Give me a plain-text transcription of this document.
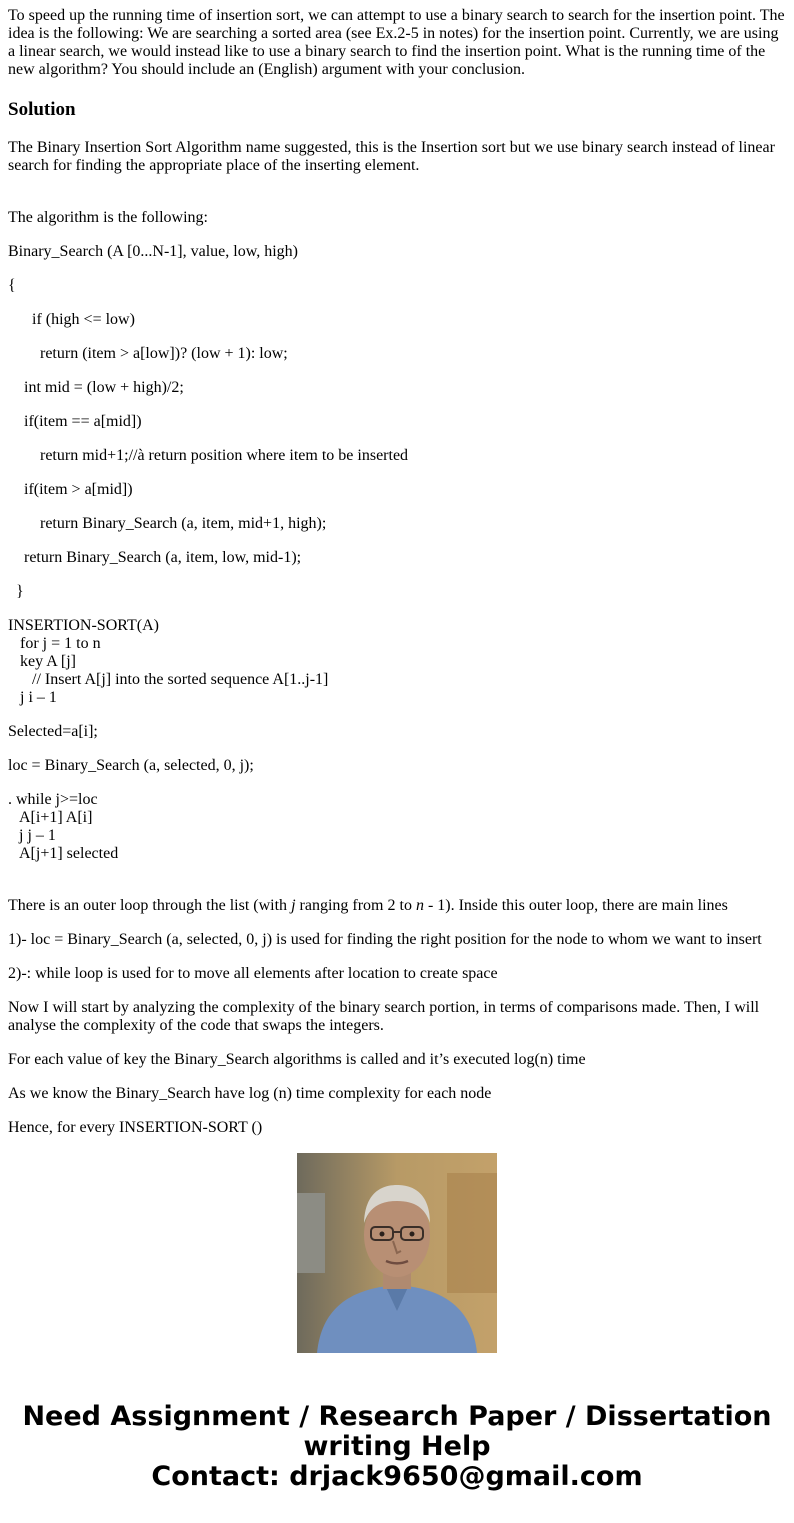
To speed up the running time of insertion sort, we can attempt to use a binary search to search for the insertion point. The idea is the following: We are searching a sorted area (see Ex.2-5 in notes) for the insertion point. Currently, we are using a linear search, we would instead like to use a binary search to find the insertion point. What is the running time of the new algorithm? You should include an (English) argument with your conclusion.

Solution

The Binary Insertion Sort Algorithm name suggested, this is the Insertion sort but we use binary search instead of linear search for finding the appropriate place of the inserting element.

The algorithm is the following:

Binary_Search (A [0...N-1], value, low, high)

{

if (high <= low)

return (item > a[low])? (low + 1): low;

int mid = (low + high)/2;

if(item == a[mid])

return mid+1;//à return position where item to be inserted

if(item > a[mid])

return Binary_Search (a, item, mid+1, high);

return Binary_Search (a, item, low, mid-1);

}

INSERTION-SORT(A)

for j = 1 to n

key A [j]

// Insert A[j] into the sorted sequence A[1..j-1]

j i – 1

Selected=a[i];

loc = Binary_Search (a, selected, 0, j);

. while j>=loc

A[i+1] A[i]

j j – 1

A[j+1] selected

There is an outer loop through the list (with j ranging from 2 to n - 1). Inside this outer loop, there are main lines

1)- loc = Binary_Search (a, selected, 0, j) is used for finding the right position for the node to whom we want to insert

2)-: while loop is used for to move all elements after location to create space

Now I will start by analyzing the complexity of the binary search portion, in terms of comparisons made. Then, I will analyse the complexity of the code that swaps the integers.

For each value of key the Binary_Search algorithms is called and it’s executed log(n) time

As we know the Binary_Search have log (n) time complexity for each node

Hence, for every INSERTION-SORT ()

Need Assignment / Research Paper / Dissertation
writing Help
Contact: drjack9650@gmail.com
